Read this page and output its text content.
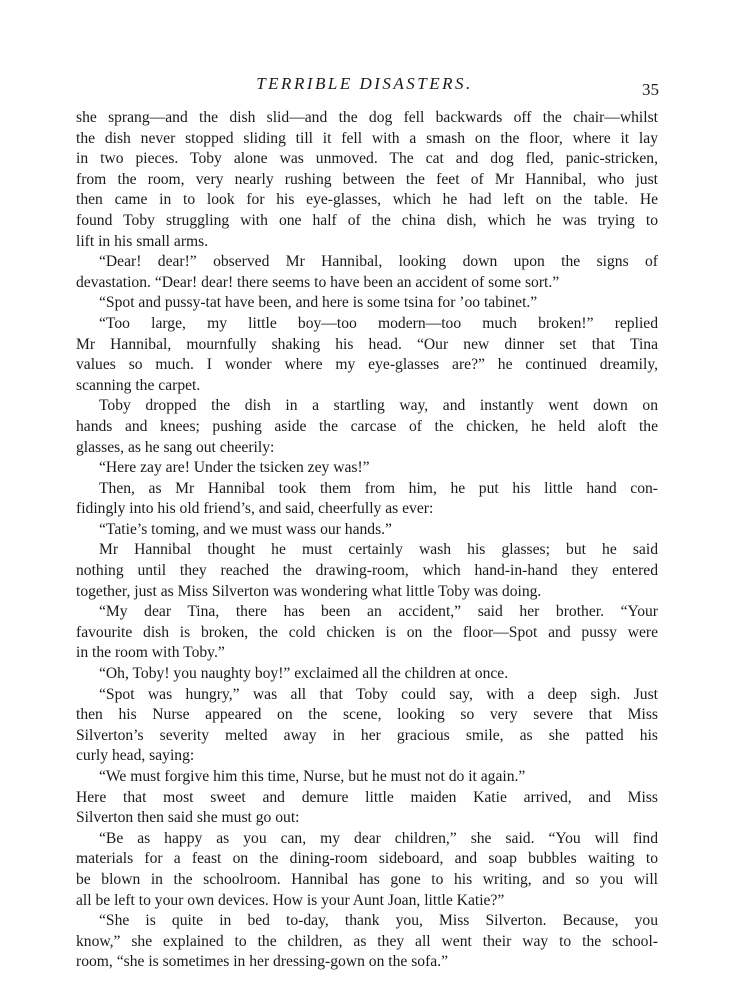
TERRIBLE DISASTERS.	35
she sprang—and the dish slid—and the dog fell backwards off the chair—whilst
the dish never stopped sliding till it fell with a smash on the floor, where it lay
in two pieces. Toby alone was unmoved. The cat and dog fled, panic-stricken,
from the room, very nearly rushing between the feet of Mr Hannibal, who just
then came in to look for his eye-glasses, which he had left on the table. He
found Toby struggling with one half of the china dish, which he was trying to
lift in his small arms.
“Dear! dear!” observed Mr Hannibal, looking down upon the signs of
devastation. “Dear! dear! there seems to have been an accident of some sort.”
“Spot and pussy-tat have been, and here is some tsina for ’oo tabinet.”
“Too large, my little boy—too modern—too much broken!” replied
Mr Hannibal, mournfully shaking his head. “Our new dinner set that Tina
values so much. I wonder where my eye-glasses are?” he continued dreamily,
scanning the carpet.
Toby dropped the dish in a startling way, and instantly went down on
hands and knees; pushing aside the carcase of the chicken, he held aloft the
glasses, as he sang out cheerily:
“Here zay are! Under the tsicken zey was!”
Then, as Mr Hannibal took them from him, he put his little hand con-
fidingly into his old friend’s, and said, cheerfully as ever:
“Tatie’s toming, and we must wass our hands.”
Mr Hannibal thought he must certainly wash his glasses; but he said
nothing until they reached the drawing-room, which hand-in-hand they entered
together, just as Miss Silverton was wondering what little Toby was doing.
“My dear Tina, there has been an accident,” said her brother. “Your
favourite dish is broken, the cold chicken is on the floor—Spot and pussy were
in the room with Toby.”
“Oh, Toby! you naughty boy!” exclaimed all the children at once.
“Spot was hungry,” was all that Toby could say, with a deep sigh. Just
then his Nurse appeared on the scene, looking so very severe that Miss
Silverton’s severity melted away in her gracious smile, as she patted his
curly head, saying:
“We must forgive him this time, Nurse, but he must not do it again.”
Here that most sweet and demure little maiden Katie arrived, and Miss
Silverton then said she must go out:
“Be as happy as you can, my dear children,” she said. “You will find
materials for a feast on the dining-room sideboard, and soap bubbles waiting to
be blown in the schoolroom. Hannibal has gone to his writing, and so you will
all be left to your own devices. How is your Aunt Joan, little Katie?”
“She is quite in bed to-day, thank you, Miss Silverton. Because, you
know,” she explained to the children, as they all went their way to the school-
room, “she is sometimes in her dressing-gown on the sofa.”
